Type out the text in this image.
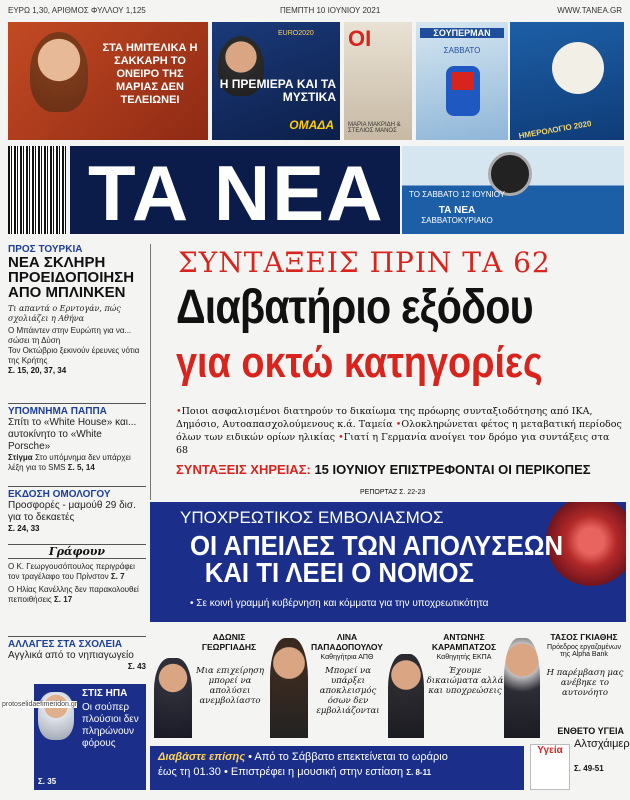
ΕΥΡΩ 1,30, ΑΡΙΘΜΟΣ ΦΥΛΛΟΥ 1,125	ΠΕΜΠΤΗ 10 ΙΟΥΝΙΟΥ 2021	WWW.TANEA.GR
ΣΤΑ ΗΜΙΤΕΛΙΚΑ Η ΣΑΚΚΑΡΗ ΤΟ ΟΝΕΙΡΟ ΤΗΣ ΜΑΡΙΑΣ ΔΕΝ ΤΕΛΕΙΩΝΕΙ
EURO2020
Η ΠΡΕΜΙΕΡΑ ΚΑΙ ΤΑ ΜΥΣΤΙΚΑ
ΟΜΑΔΑ
OI
ΜΑΡΙΑ ΜΑΚΡΙΔΗ & ΣΤΕΛΙΟΣ ΜΑΝΟΣ
ΣΟΥΠΕΡΜΑΝ
ΣΑΒΒΑΤΟ
ΗΜΕΡΟΛΟΓΙΟ 2020
ΤΑ ΝΕΑ	ΤΟ ΣΑΒΒΑΤΟ 12 ΙΟΥΝΙΟΥ
ΤΑ ΝΕΑ
ΣΑΒΒΑΤΟΚΥΡΙΑΚΟ
ΠΡΟΣ ΤΟΥΡΚΙΑ
ΝΕΑ ΣΚΛΗΡΗ ΠΡΟΕΙΔΟΠΟΙΗΣΗ ΑΠΟ ΜΠΛΙΝΚΕΝ
Τι απαντά ο Ερντογάν, πώς σχολιάζει η Αθήνα
Ο Μπάιντεν στην Ευρώπη για να... σώσει τη Δύση
Τον Οκτώβριο ξεκινούν έρευνες νότια της Κρήτης
Σ. 15, 20, 37, 34
ΥΠΟΜΝΗΜΑ ΠΑΠΠΑ
Σπίτι το «White House» και... αυτοκίνητο το «White Porsche»
Στίγμα Στο υπόμνημα δεν υπάρχει λέξη για το SMS Σ. 5, 14
ΕΚΔΟΣΗ ΟΜΟΛΟΓΟΥ
Προσφορές - μαμούθ 29 δισ. για το δεκαετές
Σ. 24, 33
Γράφουν
Ο Κ. Γεωργουσόπουλος περιγράφει τον τραγέλαφο του Πρίνστον Σ. 7
Ο Ηλίας Κανέλλης δεν παρακολουθεί πεποιθήσεις Σ. 17
ΑΛΛΑΓΕΣ ΣΤΑ ΣΧΟΛΕΙΑ
Αγγλικά από το νηπιαγωγείο
Σ. 43
ΣΤΙΣ ΗΠΑ
Οι σούπερ πλούσιοι δεν πληρώνουν φόρους
Σ. 35
protoselidaefimeridon.gr
ΣΥΝΤΑΞΕΙΣ ΠΡΙΝ ΤΑ 62
Διαβατήριο εξόδου
για οκτώ κατηγορίες
•Ποιοι ασφαλισμένοι διατηρούν το δικαίωμα της πρόωρης συνταξιοδότησης από ΙΚΑ, Δημόσιο, Αυτοαπασχολούμενους κ.ά. Ταμεία •Ολοκληρώνεται φέτος η μεταβατική περίοδος όλων των ειδικών ορίων ηλικίας •Γιατί η Γερμανία ανοίγει τον δρόμο για συντάξεις στα 68
ΣΥΝΤΑΞΕΙΣ ΧΗΡΕΙΑΣ: 15 ΙΟΥΝΙΟΥ ΕΠΙΣΤΡΕΦΟΝΤΑΙ ΟΙ ΠΕΡΙΚΟΠΕΣ
ΡΕΠΟΡΤΑΖ Σ. 22-23
ΥΠΟΧΡΕΩΤΙΚΟΣ ΕΜΒΟΛΙΑΣΜΟΣ
ΟΙ ΑΠΕΙΛΕΣ ΤΩΝ ΑΠΟΛΥΣΕΩΝ
ΚΑΙ ΤΙ ΛΕΕΙ Ο ΝΟΜΟΣ
• Σε κοινή γραμμή κυβέρνηση και κόμματα για την υποχρεωτικότητα
ΑΔΩΝΙΣ ΓΕΩΡΓΙΑΔΗΣ
Μια επιχείρηση μπορεί να απολύσει ανεμβολίαστο
ΛΙΝΑ ΠΑΠΑΔΟΠΟΥΛΟΥ
Καθηγήτρια ΑΠΘ
Μπορεί να υπάρξει αποκλεισμός όσων δεν εμβολιάζονται
ΑΝΤΩΝΗΣ ΚΑΡΑΜΠΑΤΖΟΣ
Καθηγητής ΕΚΠΑ
Έχουμε δικαιώματα αλλά και υποχρεώσεις
ΤΑΣΟΣ ΓΚΙΑΘΗΣ
Πρόεδρος εργαζομένων της Alpha Bank
Η παρέμβαση μας ανέβηκε το αυτονόητο
Διαβάστε επίσης • Από το Σάββατο επεκτείνεται το ωράριο
έως τη 01.30 • Επιστρέφει η μουσική στην εστίαση Σ. 8-11
ΕΝΘΕΤΟ ΥΓΕΙΑ
Υγεία
Αλτσχάιμερ
Σ. 49-51
